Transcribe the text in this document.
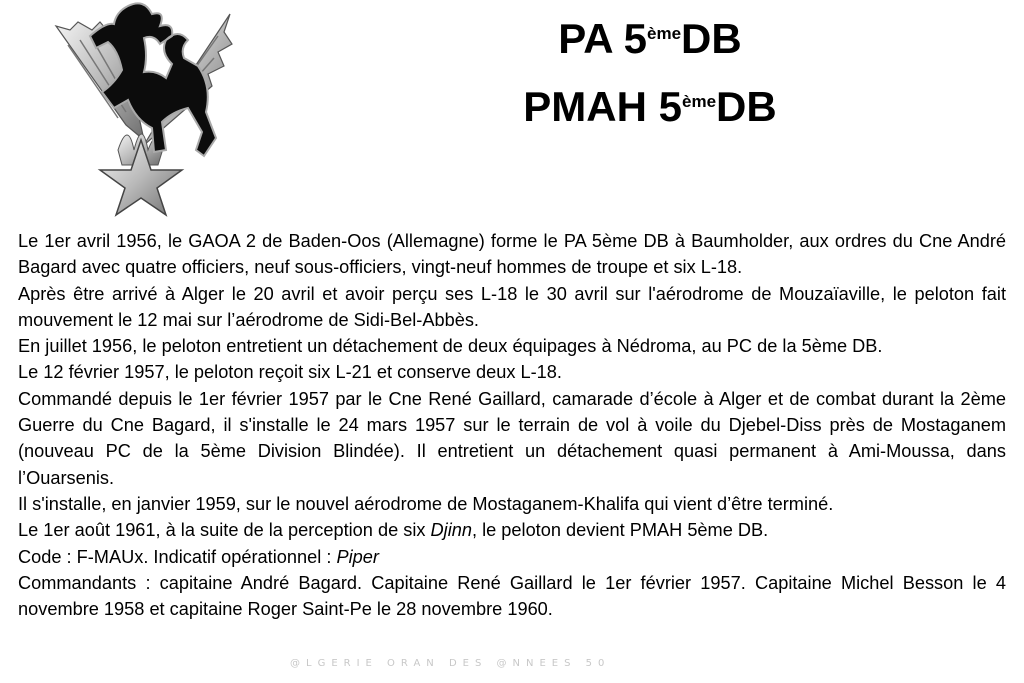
PA 5èmeDB
PMAH 5èmeDB

Le 1er avril 1956, le GAOA 2 de Baden-Oos (Allemagne) forme le PA 5ème DB à Baumholder, aux ordres du Cne André Bagard avec quatre officiers, neuf sous-officiers, vingt-neuf hommes de troupe et six L-18.

Après être arrivé à Alger le 20 avril et avoir perçu ses L-18 le 30 avril sur l'aérodrome de Mouzaïaville, le peloton fait mouvement le 12 mai sur l’aérodrome de Sidi-Bel-Abbès.

En juillet 1956, le peloton entretient un détachement de deux équipages à Nédroma, au PC de la 5ème DB.

Le 12 février 1957, le peloton reçoit six L-21 et conserve deux L-18.

Commandé depuis le 1er février 1957 par le Cne René Gaillard, camarade d’école à Alger et de combat durant la 2ème Guerre du Cne Bagard, il s'installe le 24 mars 1957 sur le terrain de vol à voile du Djebel-Diss près de Mostaganem (nouveau PC de la 5ème Division Blindée). Il entretient un détachement quasi permanent à Ami-Moussa, dans l’Ouarsenis.

Il s'installe, en janvier 1959, sur le nouvel aérodrome de Mostaganem-Khalifa qui vient d’être terminé.

Le 1er août 1961, à la suite de la perception de six Djinn, le peloton devient PMAH 5ème DB.

Code : F-MAUx. Indicatif opérationnel : Piper

Commandants : capitaine André Bagard. Capitaine René Gaillard le 1er février 1957. Capitaine Michel Besson le 4 novembre 1958 et capitaine Roger Saint-Pe le 28 novembre 1960.

@LGERIE ORAN DES @NNEES 50
